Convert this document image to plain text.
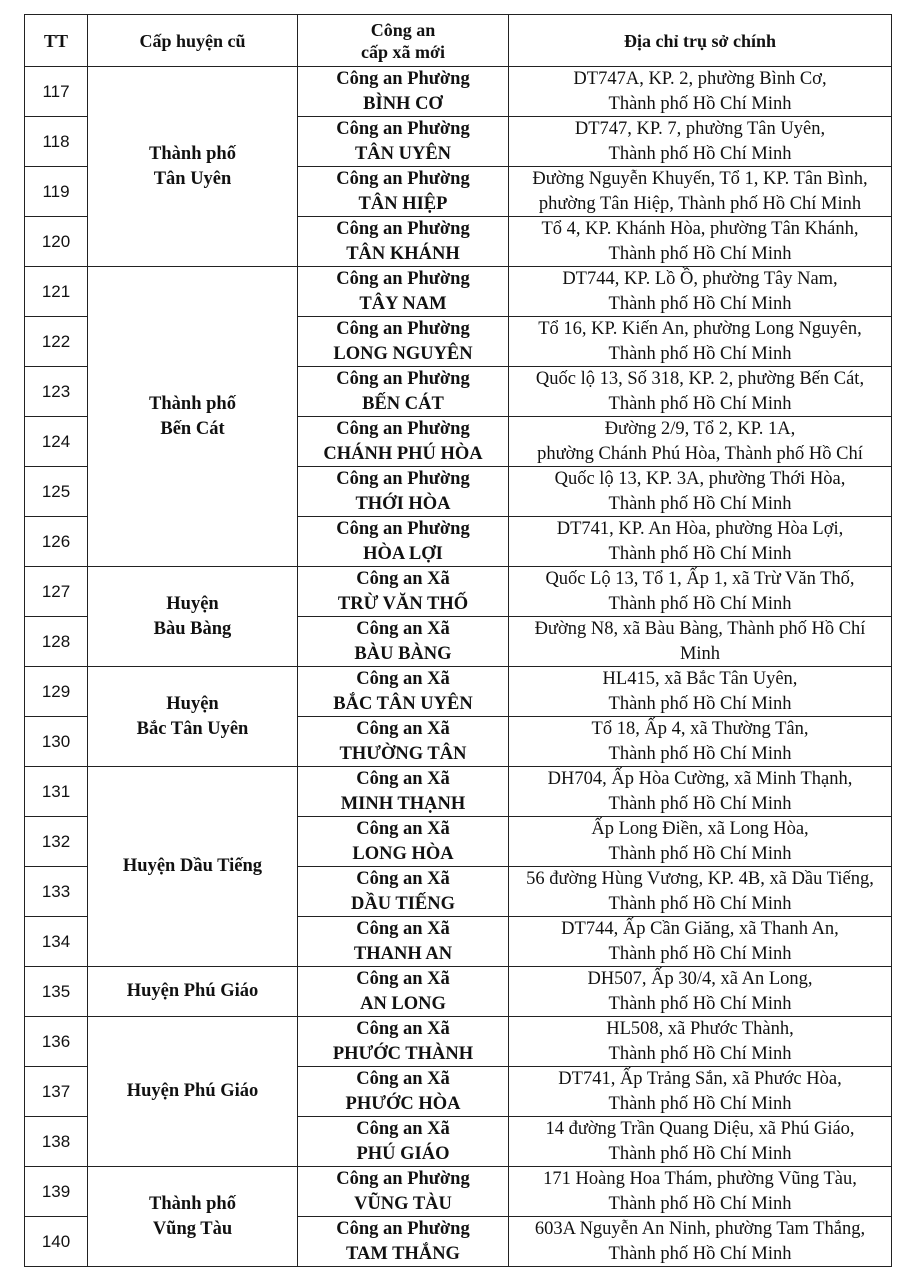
TT	Cấp huyện cũ	Công an
cấp xã mới	Địa chỉ trụ sở chính
117	Thành phố
Tân Uyên	Công an Phường
BÌNH CƠ	DT747A, KP. 2, phường Bình Cơ,
Thành phố Hồ Chí Minh

118		Công an Phường
TÂN UYÊN	DT747, KP. 7, phường Tân Uyên,
Thành phố Hồ Chí Minh

119		Công an Phường
TÂN HIỆP	Đường Nguyễn Khuyến, Tổ 1, KP. Tân Bình,
phường Tân Hiệp, Thành phố Hồ Chí Minh

120		Công an Phường
TÂN KHÁNH	Tổ 4, KP. Khánh Hòa, phường Tân Khánh,
Thành phố Hồ Chí Minh

121	Thành phố
Bến Cát	Công an Phường
TÂY NAM	DT744, KP. Lồ Ồ, phường Tây Nam,
Thành phố Hồ Chí Minh

122		Công an Phường
LONG NGUYÊN	Tổ 16, KP. Kiến An, phường Long Nguyên,
Thành phố Hồ Chí Minh

123		Công an Phường
BẾN CÁT	Quốc lộ 13, Số 318, KP. 2, phường Bến Cát,
Thành phố Hồ Chí Minh

124		Công an Phường
CHÁNH PHÚ HÒA	Đường 2/9, Tổ 2, KP. 1A,
phường Chánh Phú Hòa, Thành phố Hồ Chí

125		Công an Phường
THỚI HÒA	Quốc lộ 13, KP. 3A, phường Thới Hòa,
Thành phố Hồ Chí Minh

126		Công an Phường
HÒA LỢI	DT741, KP. An Hòa, phường Hòa Lợi,
Thành phố Hồ Chí Minh

127	Huyện
Bàu Bàng	Công an Xã
TRỪ VĂN THỐ	Quốc Lộ 13, Tổ 1, Ấp 1, xã Trừ Văn Thố,
Thành phố Hồ Chí Minh

128		Công an Xã
BÀU BÀNG	Đường N8, xã Bàu Bàng, Thành phố Hồ Chí
Minh

129	Huyện
Bắc Tân Uyên	Công an Xã
BẮC TÂN UYÊN	HL415, xã Bắc Tân Uyên,
Thành phố Hồ Chí Minh

130		Công an Xã
THƯỜNG TÂN	Tổ 18, Ấp 4, xã Thường Tân,
Thành phố Hồ Chí Minh

131	Huyện Dầu Tiếng	Công an Xã
MINH THẠNH	DH704, Ấp Hòa Cường, xã Minh Thạnh,
Thành phố Hồ Chí Minh

132		Công an Xã
LONG HÒA	Ấp Long Điền, xã Long Hòa,
Thành phố Hồ Chí Minh

133		Công an Xã
DẦU TIẾNG	56 đường Hùng Vương, KP. 4B, xã Dầu Tiếng,
Thành phố Hồ Chí Minh

134		Công an Xã
THANH AN	DT744, Ấp Cần Giăng, xã Thanh An,
Thành phố Hồ Chí Minh

135	Huyện Phú Giáo	Công an Xã
AN LONG	DH507, Ấp 30/4, xã An Long,
Thành phố Hồ Chí Minh

136	Huyện Phú Giáo	Công an Xã
PHƯỚC THÀNH	HL508, xã Phước Thành,
Thành phố Hồ Chí Minh

137		Công an Xã
PHƯỚC HÒA	DT741, Ấp Trảng Sắn, xã Phước Hòa,
Thành phố Hồ Chí Minh

138		Công an Xã
PHÚ GIÁO	14 đường Trần Quang Diệu, xã Phú Giáo,
Thành phố Hồ Chí Minh

139	Thành phố
Vũng Tàu	Công an Phường
VŨNG TÀU	171 Hoàng Hoa Thám, phường Vũng Tàu,
Thành phố Hồ Chí Minh

140		Công an Phường
TAM THẮNG	603A Nguyễn An Ninh, phường Tam Thắng,
Thành phố Hồ Chí Minh
